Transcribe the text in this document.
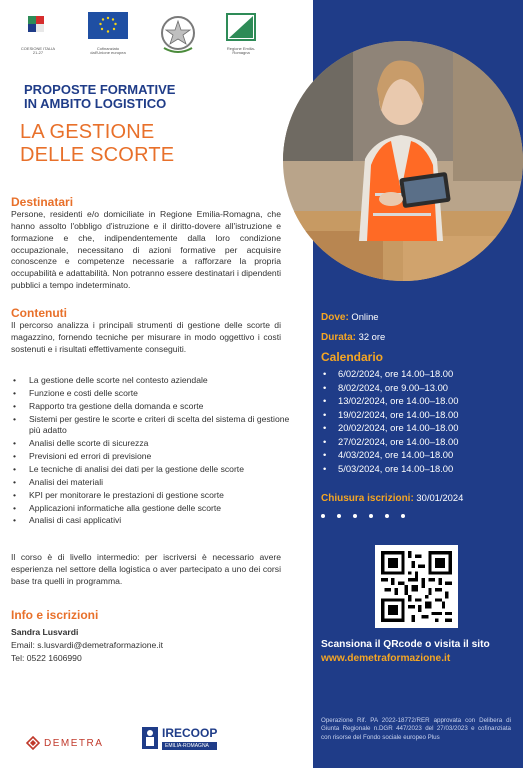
COESIONE ITALIA 21-27
Cofinanziato dall'Unione europea
Regione Emilia-Romagna
PROPOSTE FORMATIVE
IN AMBITO LOGISTICO
LA GESTIONE
DELLE SCORTE
Destinatari

Persone, residenti e/o domiciliate in Regione Emilia-Romagna, che hanno assolto l'obbligo d'istruzione e il diritto-dovere all'istruzione e formazione e che, indipendentemente dalla loro condizione occupazionale, necessitano di azioni formative per acquisire conoscenze e competenze necessarie a rafforzare la propria occupabilità e adattabilità. Non potranno essere destinatari i dipendenti pubblici a tempo indeterminato.

Contenuti

Il percorso analizza i principali strumenti di gestione delle scorte di magazzino, fornendo tecniche per misurare in modo oggettivo i costi sostenuti e i risultati effettivamente conseguiti.

• La gestione delle scorte nel contesto aziendale
• Funzione e costi delle scorte
• Rapporto tra gestione della domanda e scorte
• Sistemi per gestire le scorte e criteri di scelta del sistema di gestione più adatto
• Analisi delle scorte di sicurezza
• Previsioni ed errori di previsione
• Le tecniche di analisi dei dati per la gestione delle scorte
• Analisi dei materiali
• KPI per monitorare le prestazioni di gestione scorte
• Applicazioni informatiche alla gestione delle scorte
• Analisi di casi applicativi

Il corso è di livello intermedio: per iscriversi è necessario avere esperienza nel settore della logistica o aver partecipato a uno dei corsi base tra quelli in programma.

Info e iscrizioni
Sandra Lusvardi
Email: s.lusvardi@demetraformazione.it
Tel: 0522 1606990
DEMETRA
IRECOOP
EMILIA-ROMAGNA
Dove: Online
Durata: 32 ore
Calendario
• 6/02/2024, ore 14.00–18.00
• 8/02/2024, ore 9.00–13.00
• 13/02/2024, ore 14.00–18.00
• 19/02/2024, ore 14.00–18.00
• 20/02/2024, ore 14.00–18.00
• 27/02/2024, ore 14.00–18.00
• 4/03/2024, ore 14.00–18.00
• 5/03/2024, ore 14.00–18.00
Chiusura iscrizioni: 30/01/2024
Scansiona il QRcode o visita il sito
www.demetraformazione.it

Operazione Rif. PA 2022-18772/RER approvata con Delibera di Giunta Regionale n.DGR 447/2023 del 27/03/2023 e cofinanziata con risorse del Fondo sociale europeo Plus
